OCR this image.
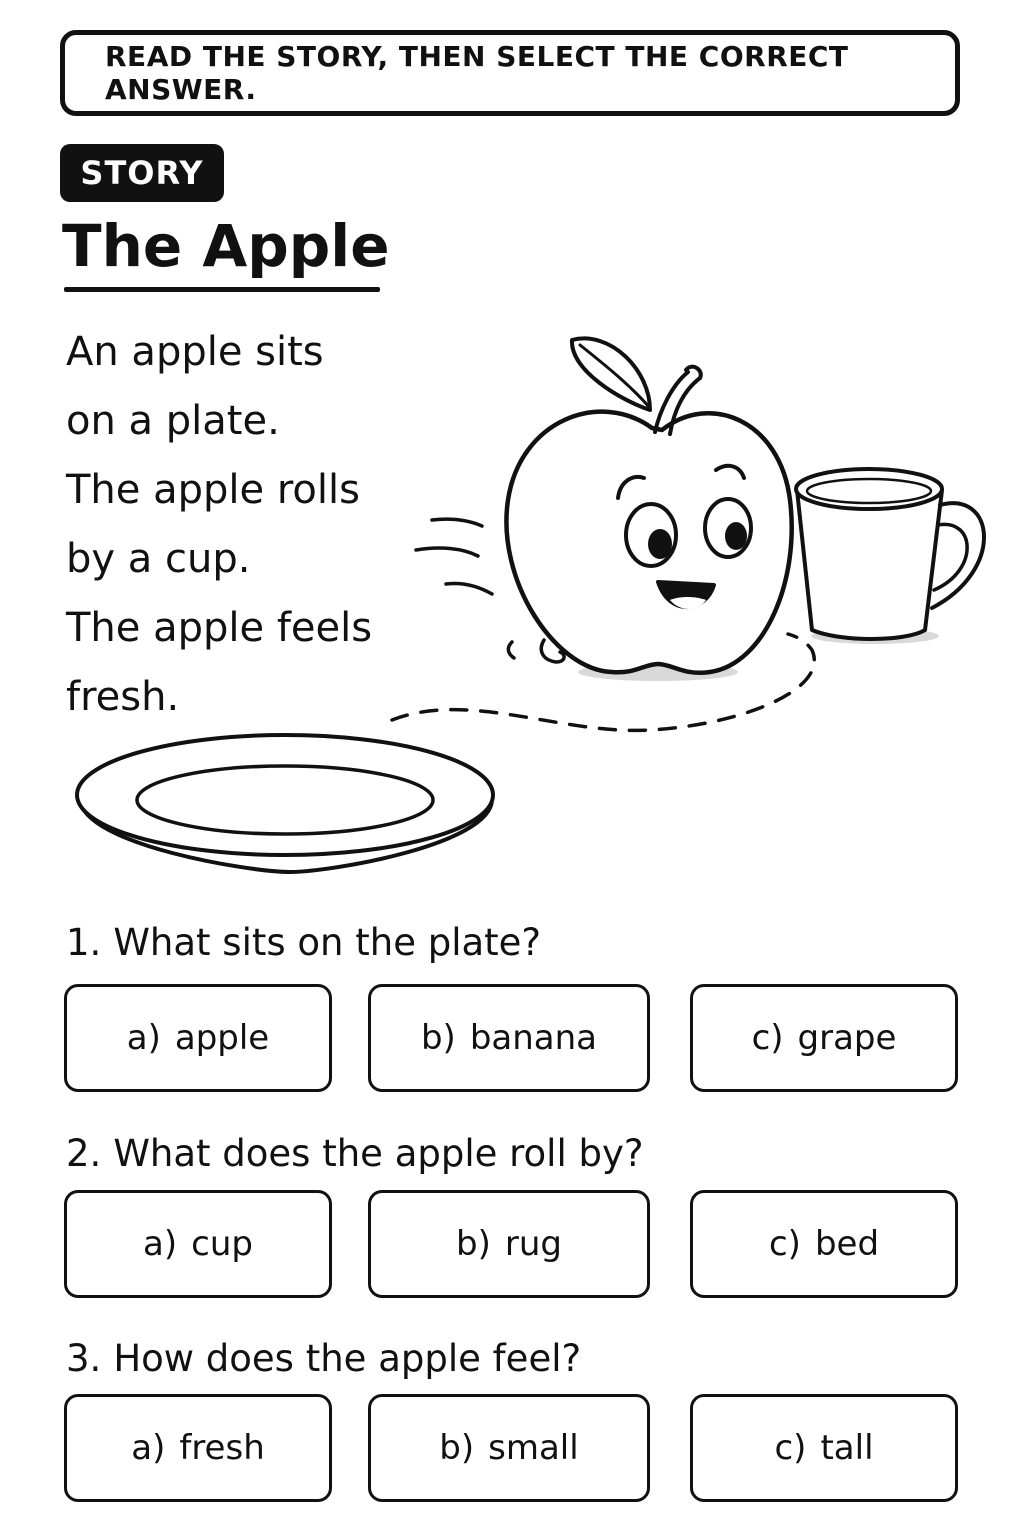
READ THE STORY, THEN SELECT THE CORRECT ANSWER.
STORY
The Apple

An apple sits
on a plate.
The apple rolls
by a cup.
The apple feels
fresh.

1. What sits on the plate?
a) apple	b) banana	c) grape
2. What does the apple roll by?
a) cup	b) rug	c) bed
3. How does the apple feel?
a) fresh	b) small	c) tall
